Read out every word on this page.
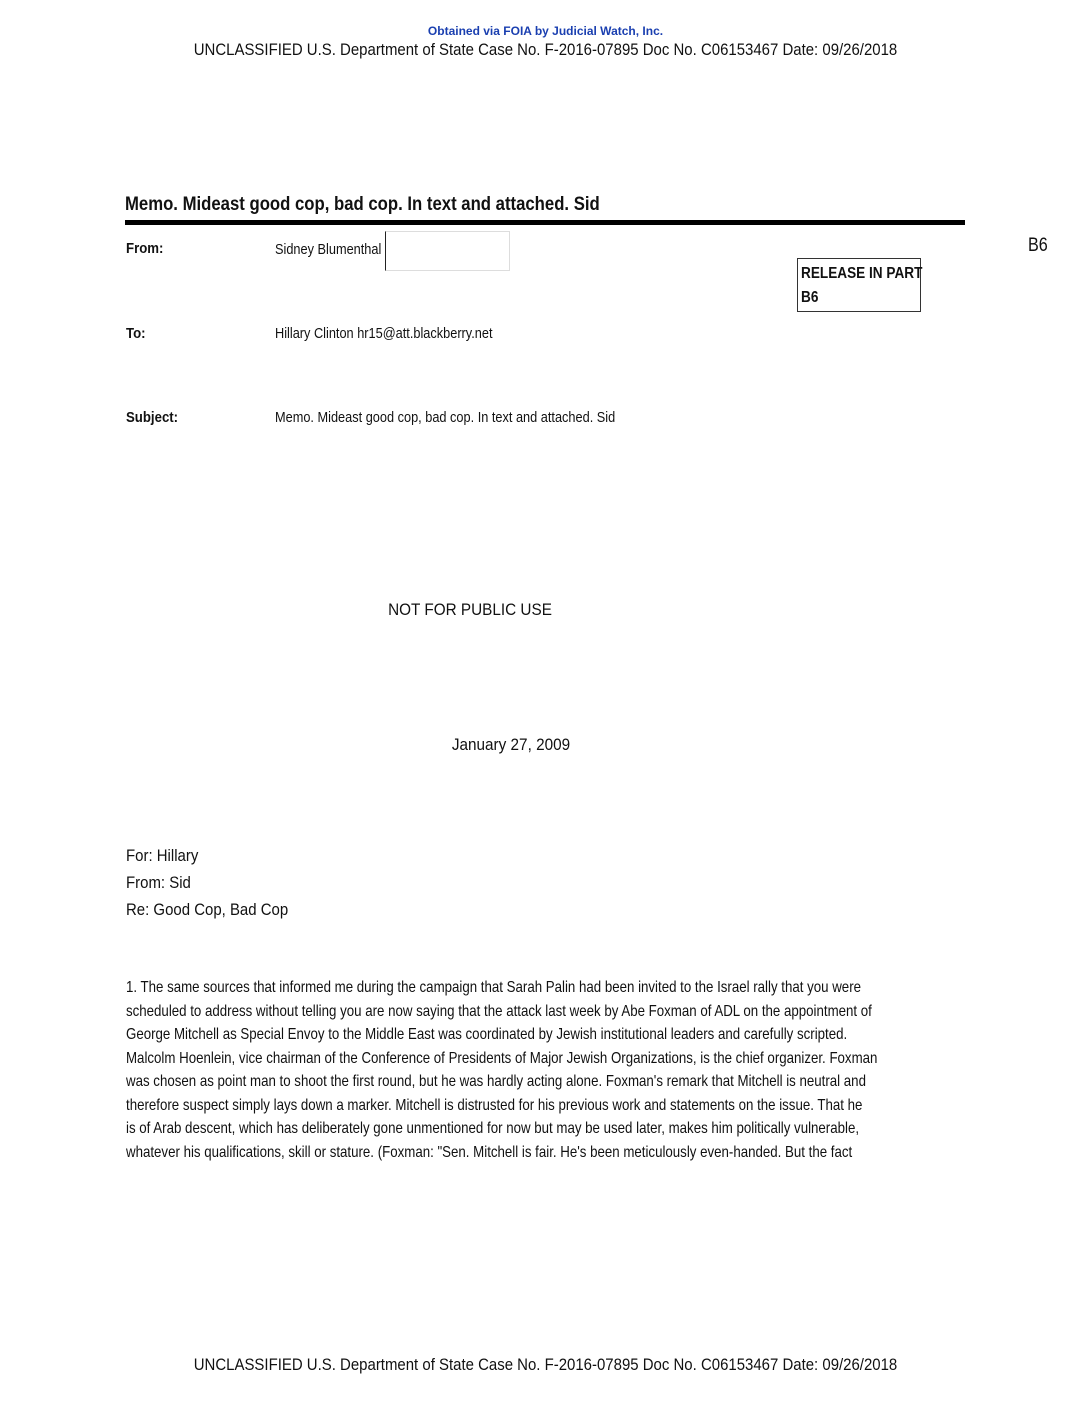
Obtained via FOIA by Judicial Watch, Inc.
UNCLASSIFIED U.S. Department of State Case No. F-2016-07895 Doc No. C06153467 Date: 09/26/2018
Memo. Mideast good cop, bad cop. In text and attached. Sid
From:	Sidney Blumenthal
RELEASE IN PART
B6
B6
To:	Hillary Clinton hr15@att.blackberry.net
Subject:	Memo. Mideast good cop, bad cop. In text and attached. Sid
NOT FOR PUBLIC USE
January 27, 2009
For: Hillary
From: Sid
Re: Good Cop, Bad Cop
1. The same sources that informed me during the campaign that Sarah Palin had been invited to the Israel rally that you were
scheduled to address without telling you are now saying that the attack last week by Abe Foxman of ADL on the appointment of
George Mitchell as Special Envoy to the Middle East was coordinated by Jewish institutional leaders and carefully scripted.
Malcolm Hoenlein, vice chairman of the Conference of Presidents of Major Jewish Organizations, is the chief organizer. Foxman
was chosen as point man to shoot the first round, but he was hardly acting alone. Foxman's remark that Mitchell is neutral and
therefore suspect simply lays down a marker. Mitchell is distrusted for his previous work and statements on the issue. That he
is of Arab descent, which has deliberately gone unmentioned for now but may be used later, makes him politically vulnerable,
whatever his qualifications, skill or stature. (Foxman: "Sen. Mitchell is fair. He's been meticulously even-handed. But the fact
UNCLASSIFIED U.S. Department of State Case No. F-2016-07895 Doc No. C06153467 Date: 09/26/2018
